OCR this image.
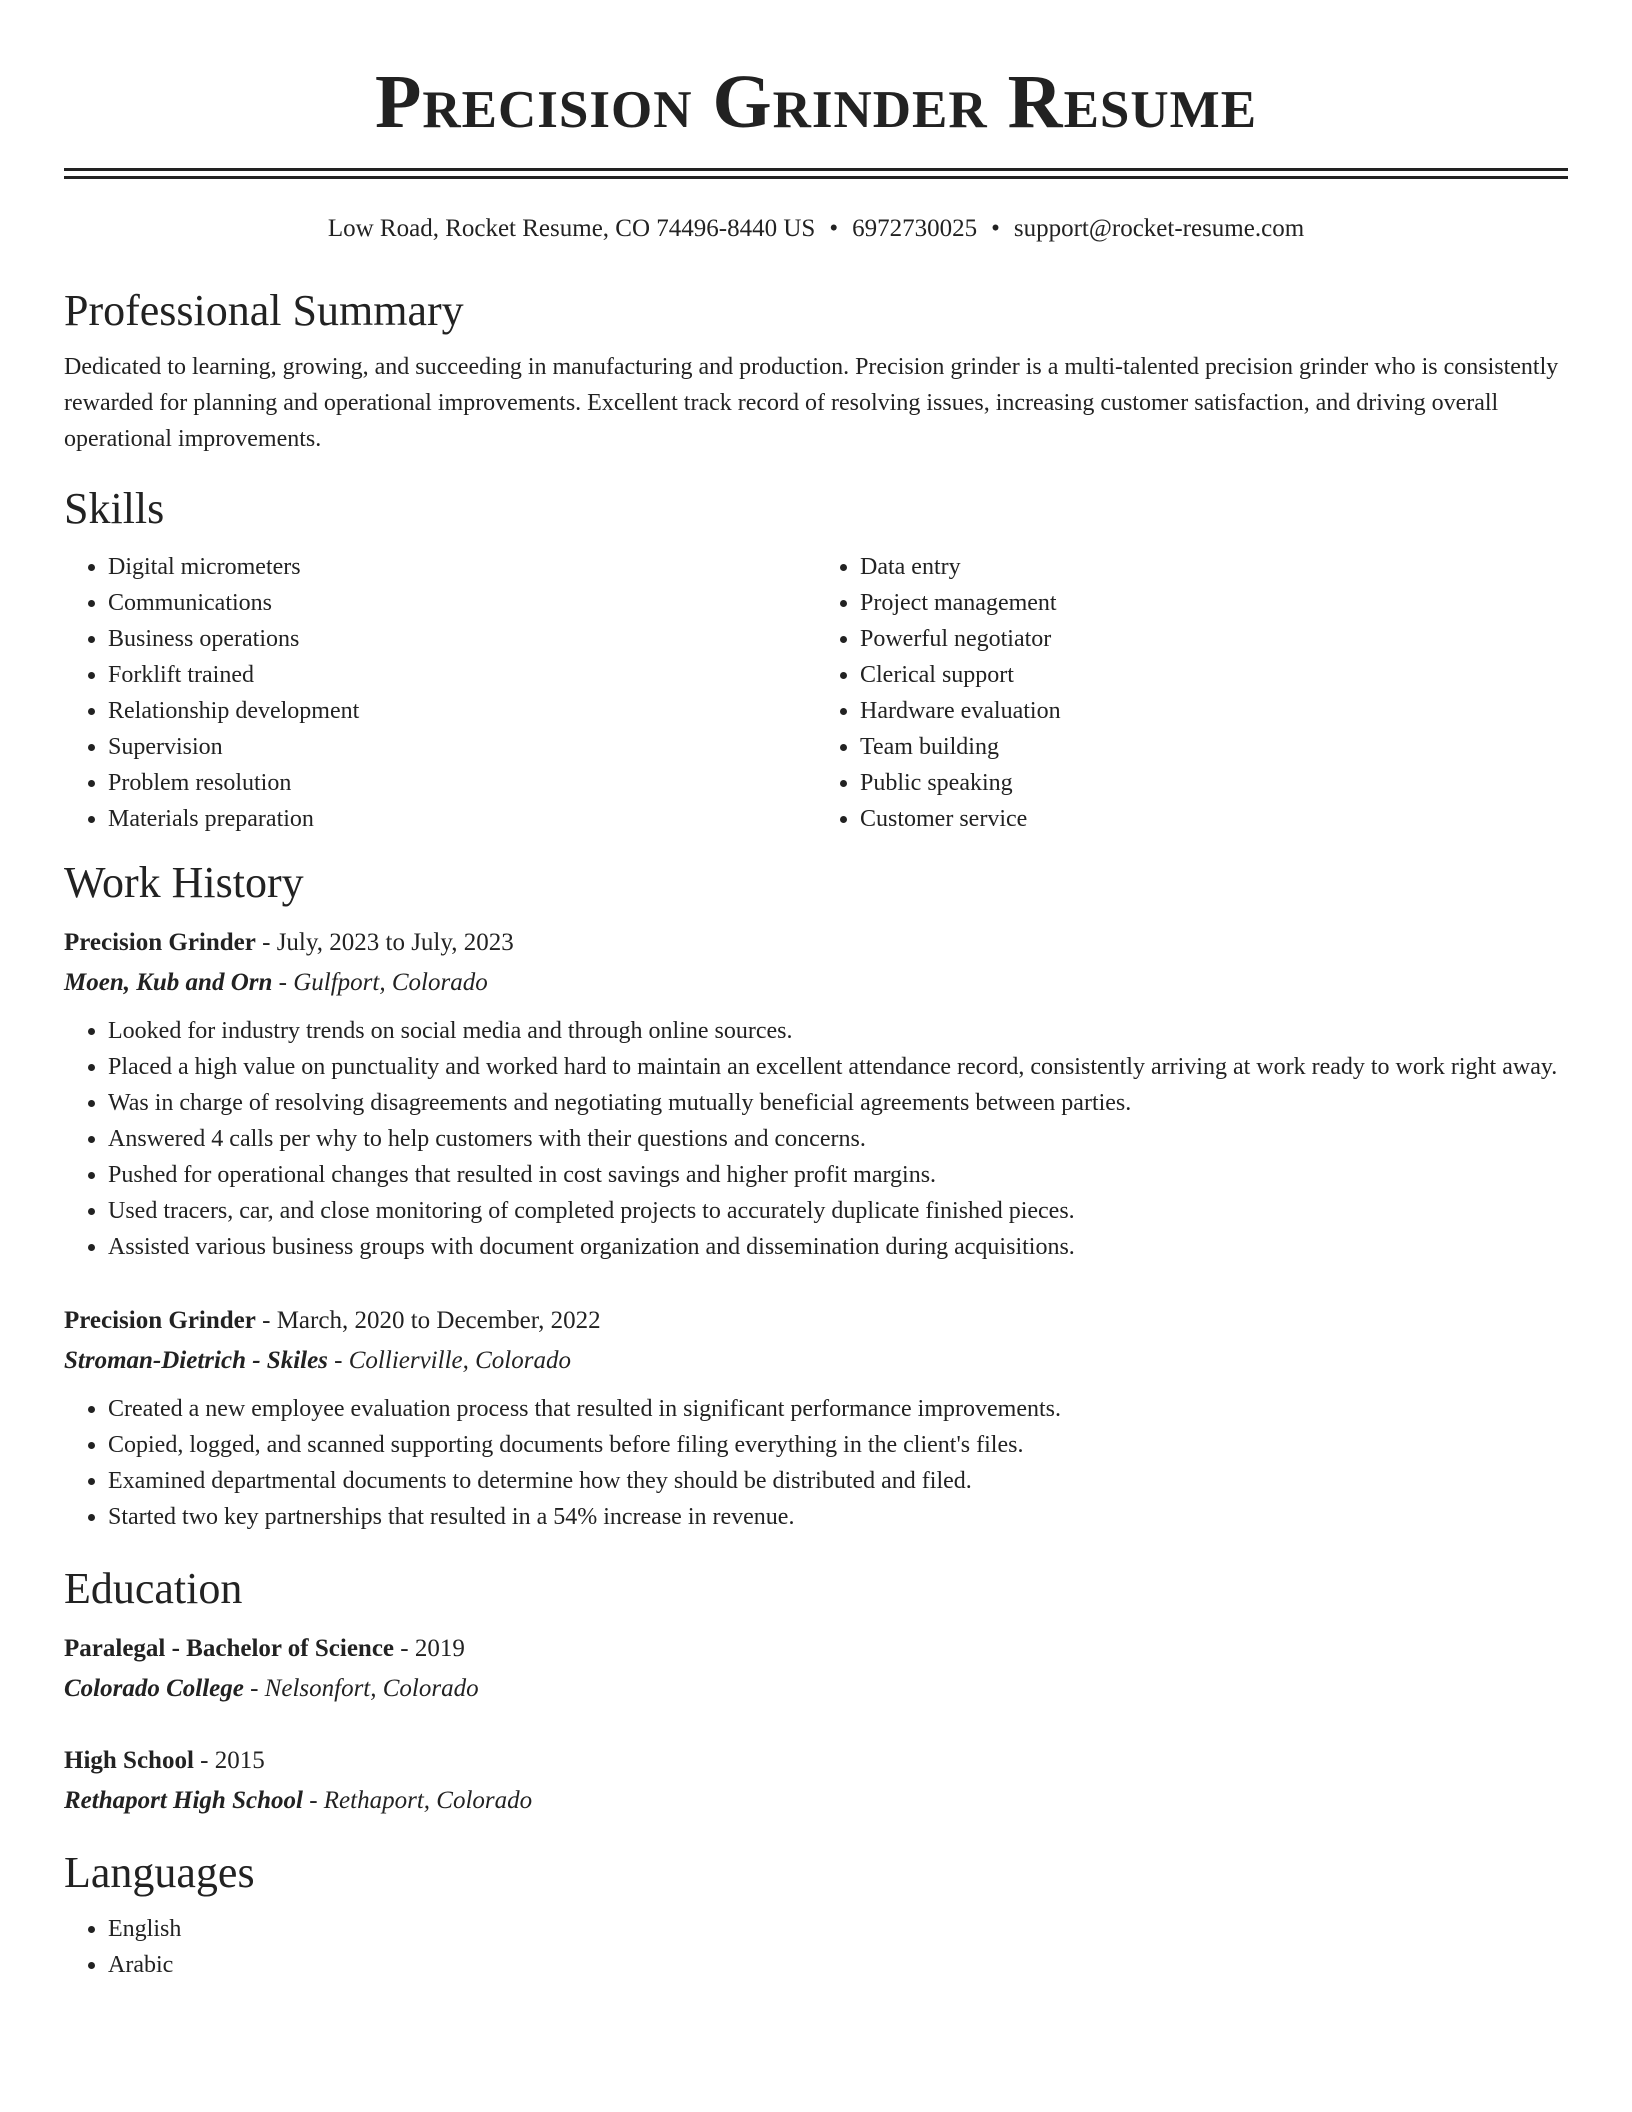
Precision Grinder Resume
Low Road, Rocket Resume, CO 74496-8440 US • 6972730025 • support@rocket-resume.com
Professional Summary

Dedicated to learning, growing, and succeeding in manufacturing and production. Precision grinder is a multi-talented precision grinder who is consistently rewarded for planning and operational improvements. Excellent track record of resolving issues, increasing customer satisfaction, and driving overall operational improvements.

Skills
• Digital micrometers
• Communications
• Business operations
• Forklift trained
• Relationship development
• Supervision
• Problem resolution
• Materials preparation
• Data entry
• Project management
• Powerful negotiator
• Clerical support
• Hardware evaluation
• Team building
• Public speaking
• Customer service
Work History
Precision Grinder - July, 2023 to July, 2023
Moen, Kub and Orn - Gulfport, Colorado
• Looked for industry trends on social media and through online sources.
• Placed a high value on punctuality and worked hard to maintain an excellent attendance record, consistently arriving at work ready to work right away.
• Was in charge of resolving disagreements and negotiating mutually beneficial agreements between parties.
• Answered 4 calls per why to help customers with their questions and concerns.
• Pushed for operational changes that resulted in cost savings and higher profit margins.
• Used tracers, car, and close monitoring of completed projects to accurately duplicate finished pieces.
• Assisted various business groups with document organization and dissemination during acquisitions.
Precision Grinder - March, 2020 to December, 2022
Stroman-Dietrich - Skiles - Collierville, Colorado
• Created a new employee evaluation process that resulted in significant performance improvements.
• Copied, logged, and scanned supporting documents before filing everything in the client's files.
• Examined departmental documents to determine how they should be distributed and filed.
• Started two key partnerships that resulted in a 54% increase in revenue.
Education
Paralegal - Bachelor of Science - 2019
Colorado College - Nelsonfort, Colorado
High School - 2015
Rethaport High School - Rethaport, Colorado
Languages
• English
• Arabic
